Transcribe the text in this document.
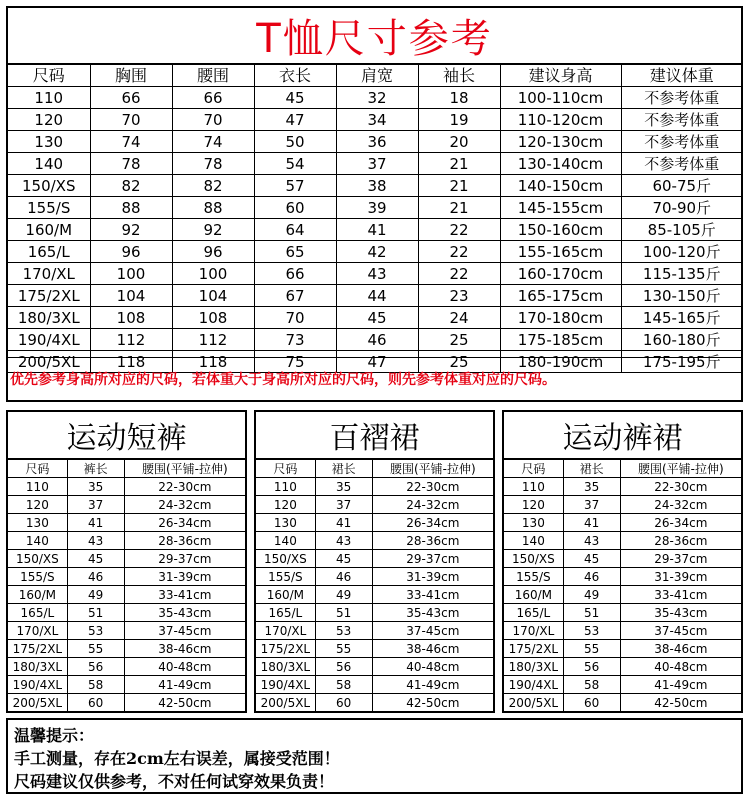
T恤尺寸参考
尺码	胸围	腰围	衣长	肩宽	袖长	建议身高	建议体重
110	66	66	45	32	18	100-110cm	不参考体重
120	70	70	47	34	19	110-120cm	不参考体重
130	74	74	50	36	20	120-130cm	不参考体重
140	78	78	54	37	21	130-140cm	不参考体重
150/XS	82	82	57	38	21	140-150cm	60-75斤
155/S	88	88	60	39	21	145-155cm	70-90斤
160/M	92	92	64	41	22	150-160cm	85-105斤
165/L	96	96	65	42	22	155-165cm	100-120斤
170/XL	100	100	66	43	22	160-170cm	115-135斤
175/2XL	104	104	67	44	23	165-175cm	130-150斤
180/3XL	108	108	70	45	24	170-180cm	145-165斤
190/4XL	112	112	73	46	25	175-185cm	160-180斤
200/5XL	118	118	75	47	25	180-190cm	175-195斤
优先参考身高所对应的尺码，若体重大于身高所对应的尺码，则先参考体重对应的尺码。
运动短裤
尺码	裤长	腰围(平铺-拉伸)
110	35	22-30cm
120	37	24-32cm
130	41	26-34cm
140	43	28-36cm
150/XS	45	29-37cm
155/S	46	31-39cm
160/M	49	33-41cm
165/L	51	35-43cm
170/XL	53	37-45cm
175/2XL	55	38-46cm
180/3XL	56	40-48cm
190/4XL	58	41-49cm
200/5XL	60	42-50cm
百褶裙
尺码	裙长	腰围(平铺-拉伸)
110	35	22-30cm
120	37	24-32cm
130	41	26-34cm
140	43	28-36cm
150/XS	45	29-37cm
155/S	46	31-39cm
160/M	49	33-41cm
165/L	51	35-43cm
170/XL	53	37-45cm
175/2XL	55	38-46cm
180/3XL	56	40-48cm
190/4XL	58	41-49cm
200/5XL	60	42-50cm
运动裤裙
尺码	裙长	腰围(平铺-拉伸)
110	35	22-30cm
120	37	24-32cm
130	41	26-34cm
140	43	28-36cm
150/XS	45	29-37cm
155/S	46	31-39cm
160/M	49	33-41cm
165/L	51	35-43cm
170/XL	53	37-45cm
175/2XL	55	38-46cm
180/3XL	56	40-48cm
190/4XL	58	41-49cm
200/5XL	60	42-50cm
温馨提示：
手工测量，存在2cm左右误差，属接受范围！
尺码建议仅供参考，不对任何试穿效果负责！
